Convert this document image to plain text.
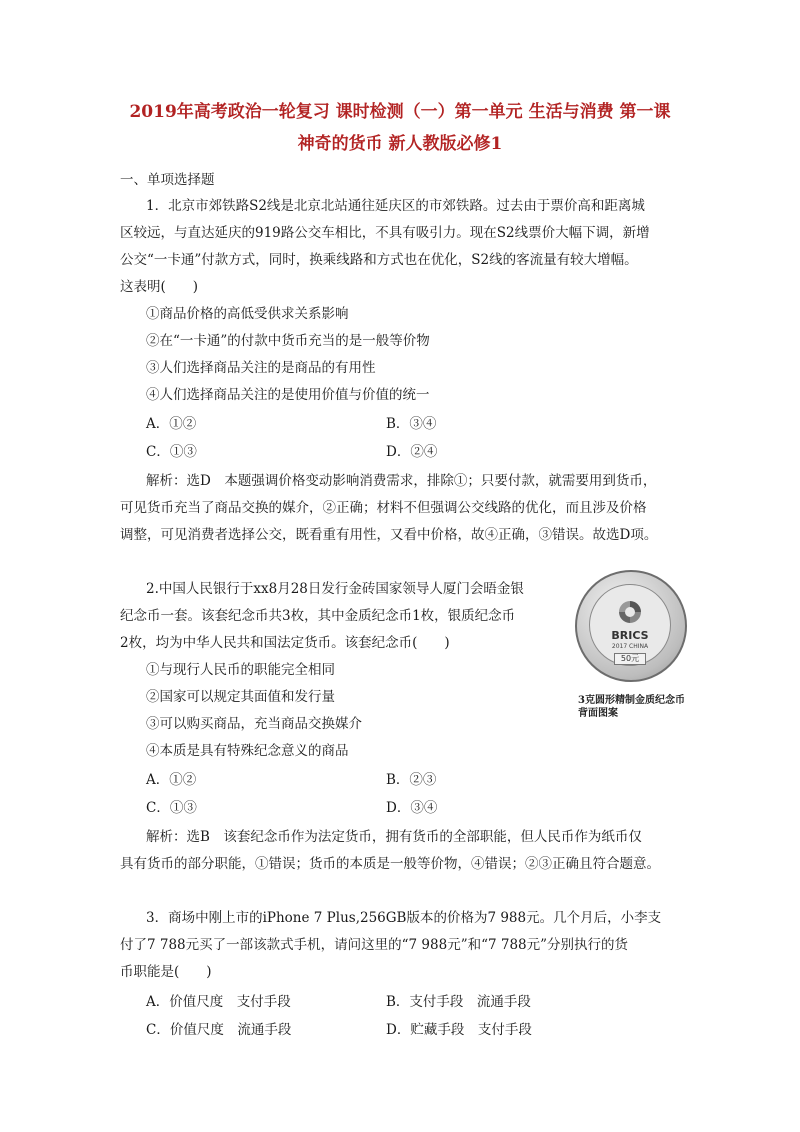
2019年高考政治一轮复习 课时检测（一）第一单元 生活与消费 第一课
神奇的货币 新人教版必修1
一、单项选择题
1．北京市郊铁路S2线是北京北站通往延庆区的市郊铁路。过去由于票价高和距离城
区较远，与直达延庆的919路公交车相比，不具有吸引力。现在S2线票价大幅下调，新增
公交“一卡通”付款方式，同时，换乘线路和方式也在优化，S2线的客流量有较大增幅。
这表明(　　)
①商品价格的高低受供求关系影响
②在“一卡通”的付款中货币充当的是一般等价物
③人们选择商品关注的是商品的有用性
④人们选择商品关注的是使用价值与价值的统一
A．①②	B．③④
C．①③	D．②④
解析：选D　本题强调价格变动影响消费需求，排除①；只要付款，就需要用到货币，
可见货币充当了商品交换的媒介，②正确；材料不但强调公交线路的优化，而且涉及价格
调整，可见消费者选择公交，既看重有用性，又看中价格，故④正确，③错误。故选D项。
2.中国人民银行于xx8月28日发行金砖国家领导人厦门会晤金银
纪念币一套。该套纪念币共3枚，其中金质纪念币1枚，银质纪念币
2枚，均为中华人民共和国法定货币。该套纪念币(　　)
①与现行人民币的职能完全相同
②国家可以规定其面值和发行量
③可以购买商品，充当商品交换媒介
④本质是具有特殊纪念意义的商品
A．①②	B．②③
C．①③	D．③④
解析：选B　该套纪念币作为法定货币，拥有货币的全部职能，但人民币作为纸币仅
具有货币的部分职能，①错误；货币的本质是一般等价物，④错误；②③正确且符合题意。
BRICS
2017 CHINA
50元
3克圆形精制金质纪念币
背面图案
3．商场中刚上市的iPhone 7 Plus,256GB版本的价格为7 988元。几个月后，小李支
付了7 788元买了一部该款式手机，请问这里的“7 988元”和“7 788元”分别执行的货
币职能是(　　)
A．价值尺度　支付手段	B．支付手段　流通手段
C．价值尺度　流通手段	D．贮藏手段　支付手段
